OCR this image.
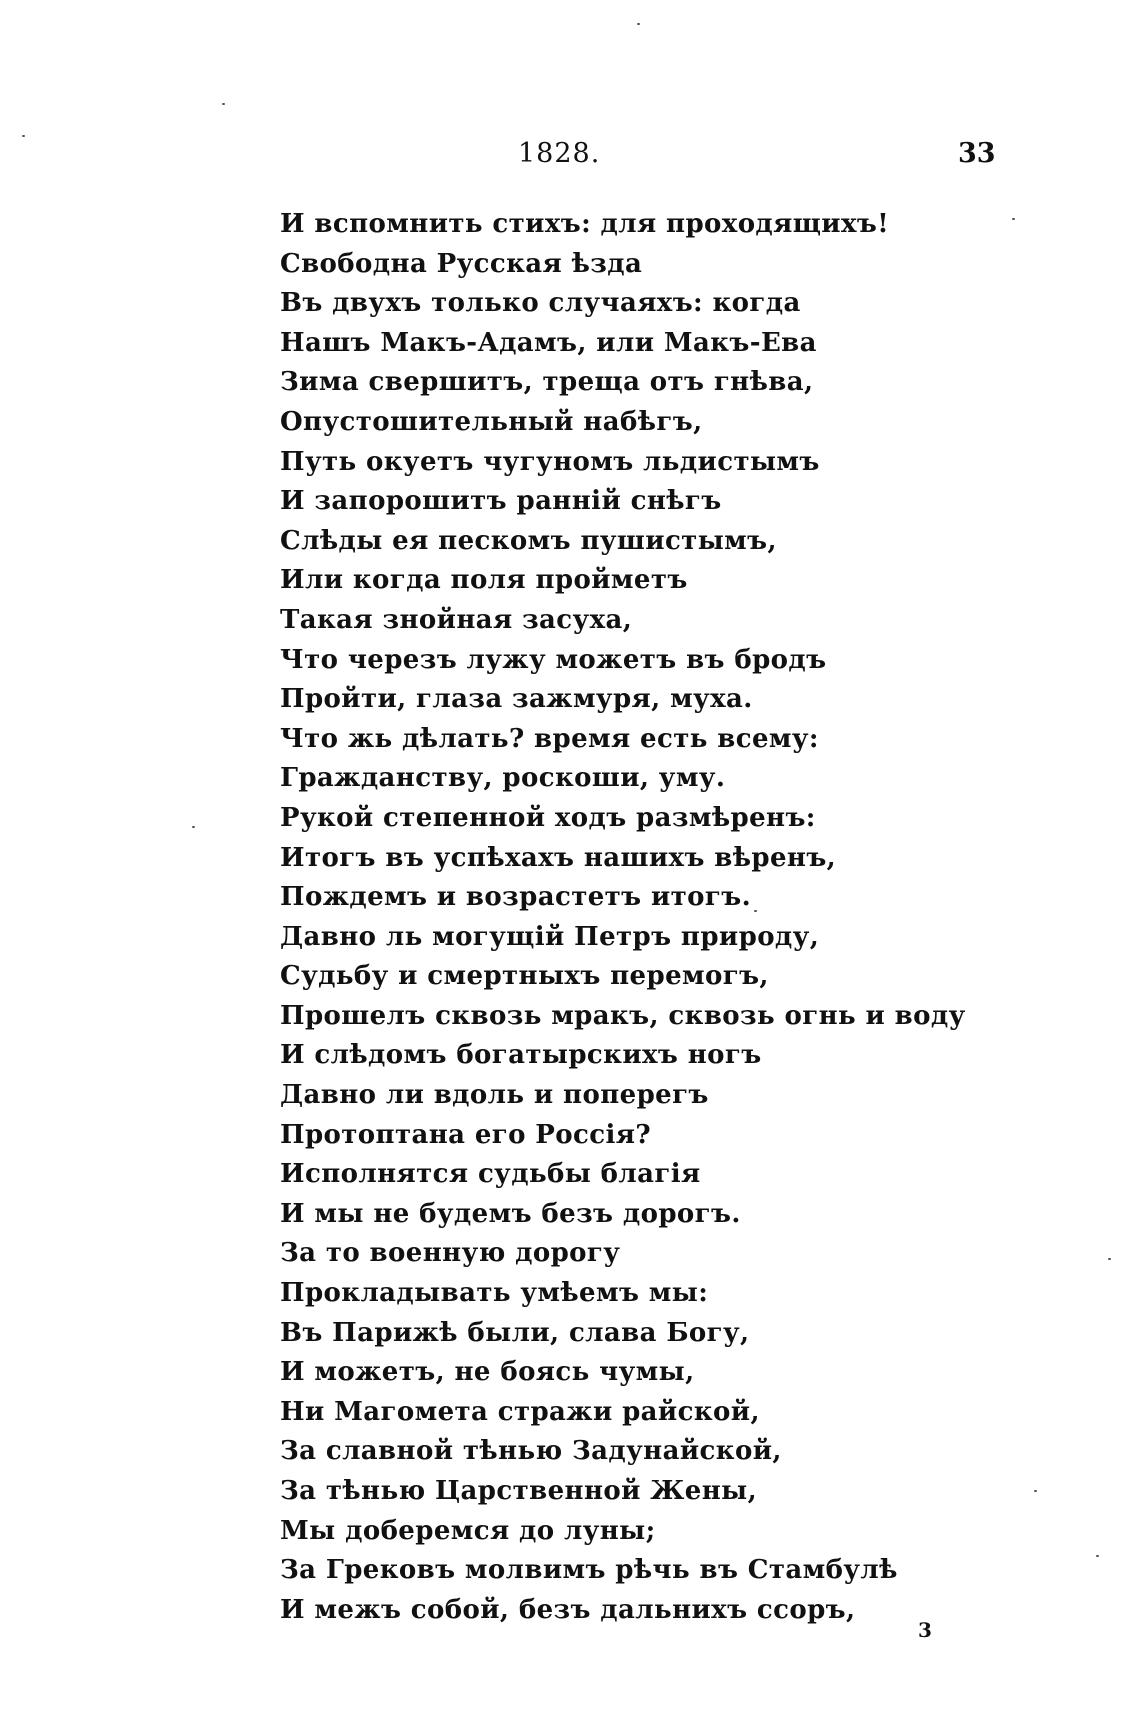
1828.	33
И вспомнить стихъ: для проходящихъ!
Свободна Русская ѣзда
Въ двухъ только случаяхъ: когда
Нашъ Макъ-Адамъ, или Макъ-Ева
Зима свершитъ, треща отъ гнѣва,
Опустошительный набѣгъ,
Путь окуетъ чугуномъ льдистымъ
И запорошитъ ранній снѣгъ
Слѣды ея пескомъ пушистымъ,
Или когда поля пройметъ
Такая знойная засуха,
Что черезъ лужу можетъ въ бродъ
Пройти, глаза зажмуря, муха.
Что жь дѣлать? время есть всему:
Гражданству, роскоши, уму.
Рукой степенной ходъ размѣренъ:
Итогъ въ успѣхахъ нашихъ вѣренъ,
Пождемъ и возрастетъ итогъ.
Давно ль могущій Петръ природу,
Судьбу и смертныхъ перемогъ,
Прошелъ сквозь мракъ, сквозь огнь и воду
И слѣдомъ богатырскихъ ногъ
Давно ли вдоль и поперегъ
Протоптана его Россія?
Исполнятся судьбы благія
И мы не будемъ безъ дорогъ.
За то военную дорогу
Прокладывать умѣемъ мы:
Въ Парижѣ были, слава Богу,
И можетъ, не боясь чумы,
Ни Магомета стражи райской,
За славной тѣнью Задунайской,
За тѣнью Царственной Жены,
Мы доберемся до луны;
За Грековъ молвимъ рѣчь въ Стамбулѣ
И межъ собой, безъ дальнихъ ссоръ,
3
